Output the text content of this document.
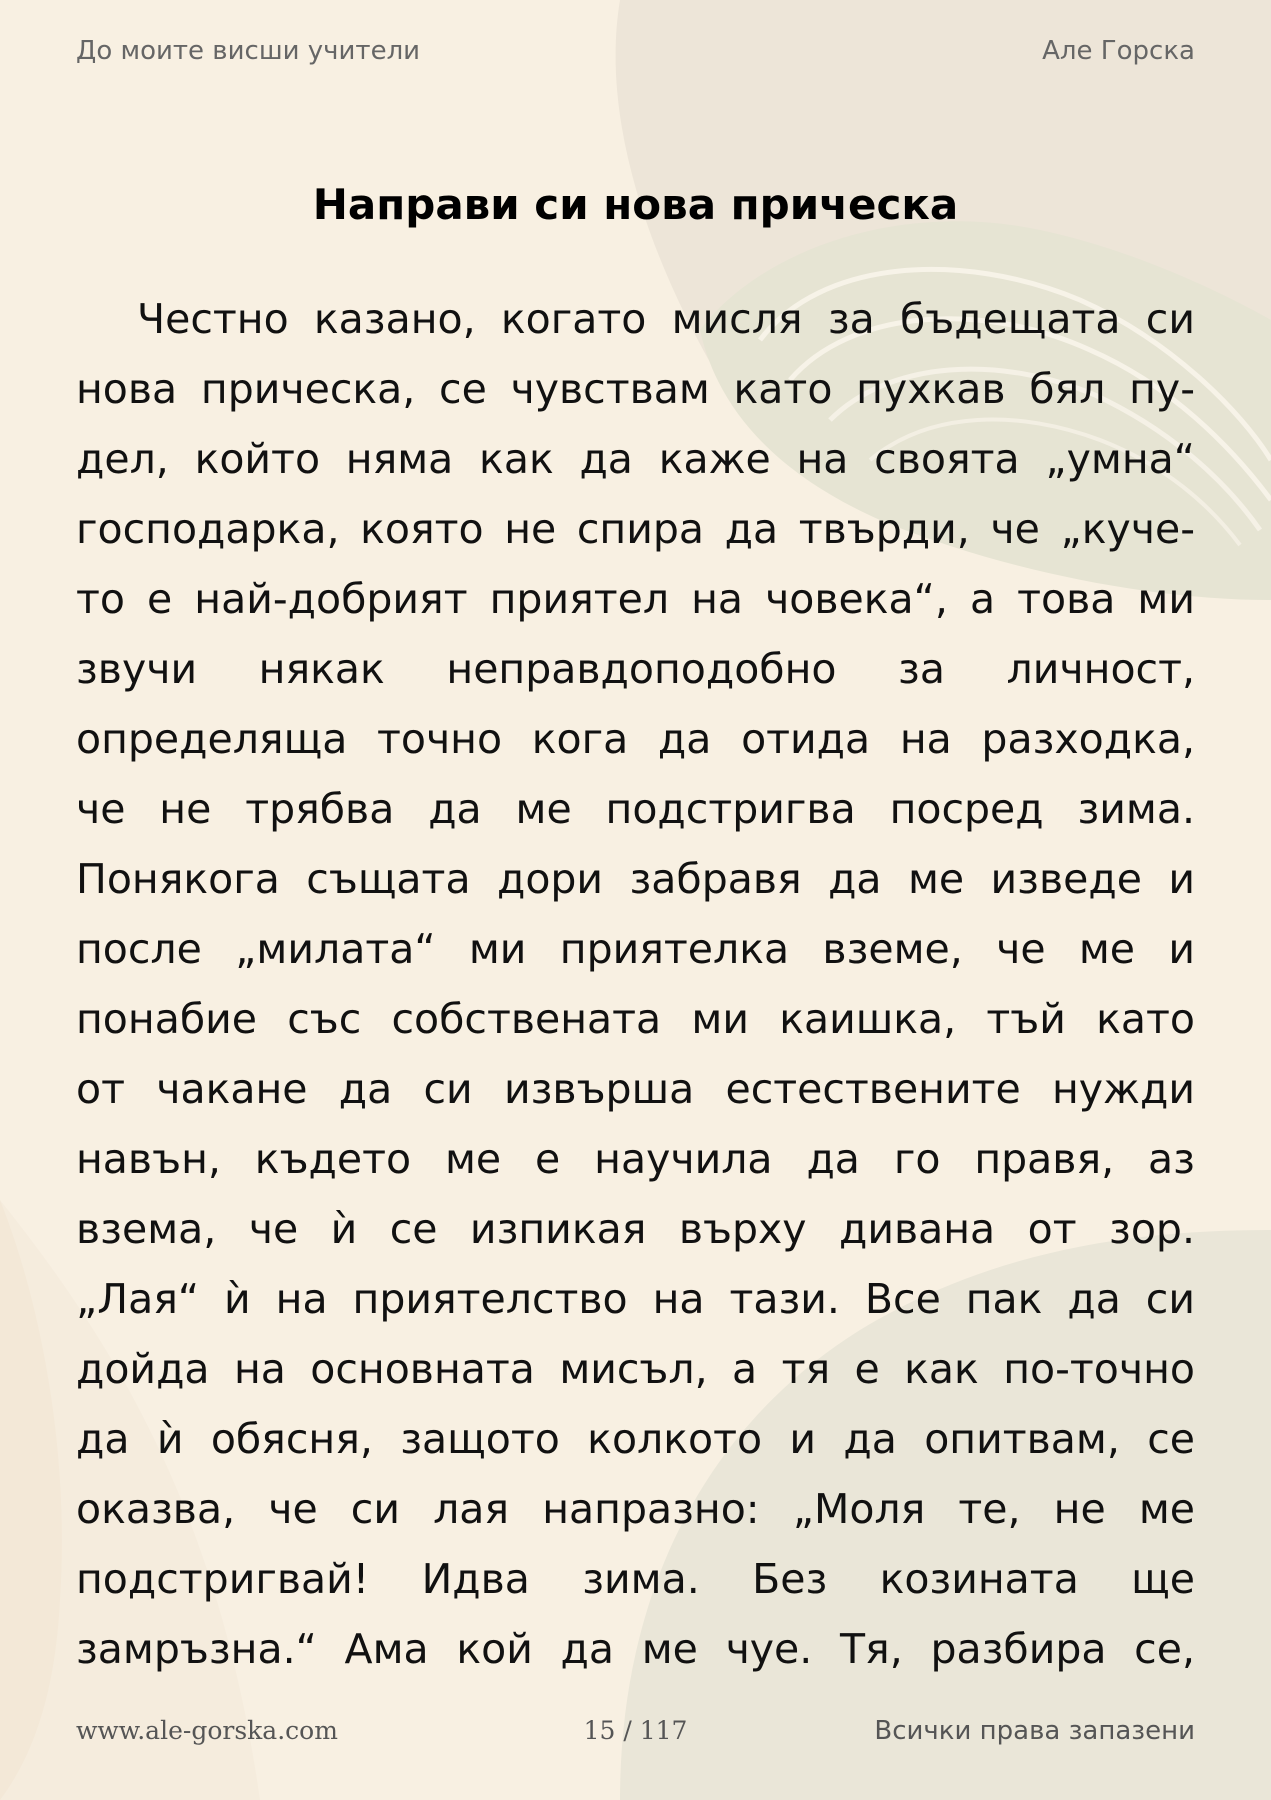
До моите висши учители	Але Горска
Направи си нова прическа
Честно казано, когато мисля за бъдещата си
нова прическа, се чувствам като пухкав бял пу-
дел, който няма как да каже на своята „умна“
господарка, която не спира да твърди, че „куче-
то е най-добрият приятел на човека“, а това ми
звучи някак неправдоподобно за личност,
определяща точно кога да отида на разходка,
че не трябва да ме подстригва посред зима.
Понякога същата дори забравя да ме изведе и
после „милата“ ми приятелка вземе, че ме и
понабие със собствената ми каишка, тъй като
от чакане да си извърша естествените нужди
навън, където ме е научила да го правя, аз
взема, че ѝ се изпикая върху дивана от зор.
„Лая“ ѝ на приятелство на тази. Все пак да си
дойда на основната мисъл, а тя е как по-точно
да ѝ обясня, защото колкото и да опитвам, се
оказва, че си лая напразно: „Моля те, не ме
подстригвай! Идва зима. Без козината ще
замръзна.“ Ама кой да ме чуе. Тя, разбира се,
www.ale-gorska.com	15 / 117	Всички права запазени
